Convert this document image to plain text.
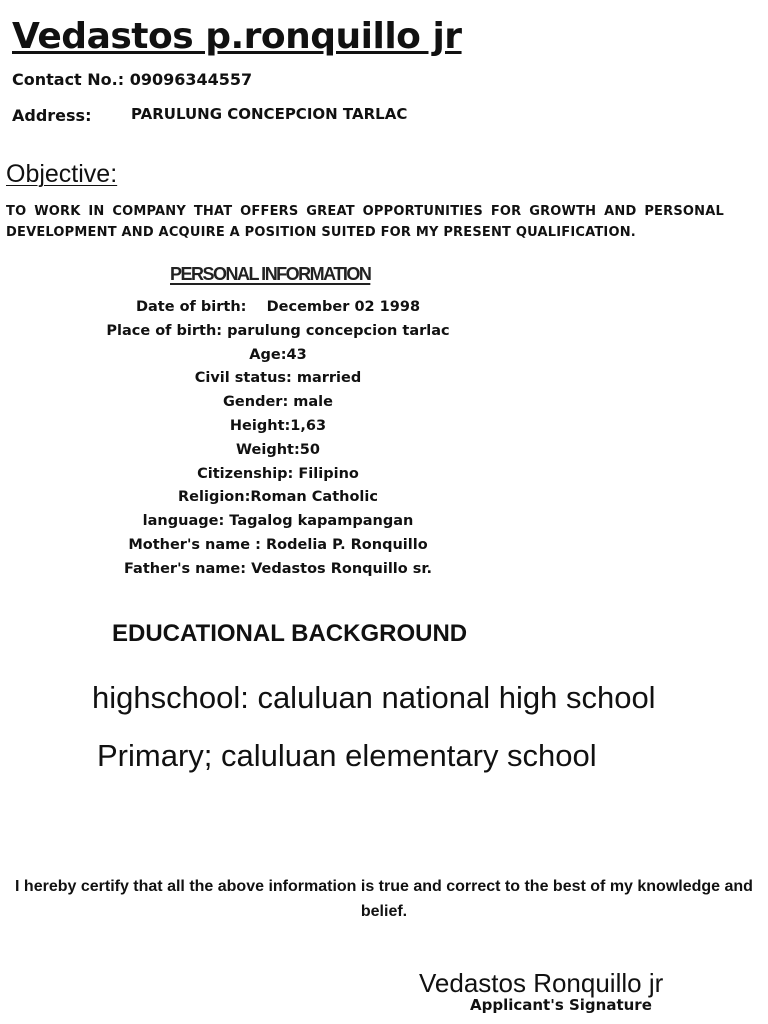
Vedastos p.ronquillo jr
Contact No.: 09096344557
Address:	PARULUNG CONCEPCION TARLAC
Objective:
TO WORK IN COMPANY THAT OFFERS GREAT OPPORTUNITIES FOR GROWTH AND PERSONAL DEVELOPMENT AND ACQUIRE A POSITION SUITED FOR MY PRESENT QUALIFICATION.
PERSONAL INFORMATION
Date of birth:    December 02 1998
Place of birth: parulung concepcion tarlac
Age:43
Civil status: married
Gender: male
Height:1,63
Weight:50
Citizenship: Filipino
Religion:Roman Catholic
language: Tagalog kapampangan
Mother's name : Rodelia P. Ronquillo
Father's name: Vedastos Ronquillo sr.
EDUCATIONAL BACKGROUND
highschool: caluluan national high school
Primary; caluluan elementary school
I hereby certify that all the above information is true and correct to the best of my knowledge and belief.
Vedastos Ronquillo jr
Applicant's Signature
